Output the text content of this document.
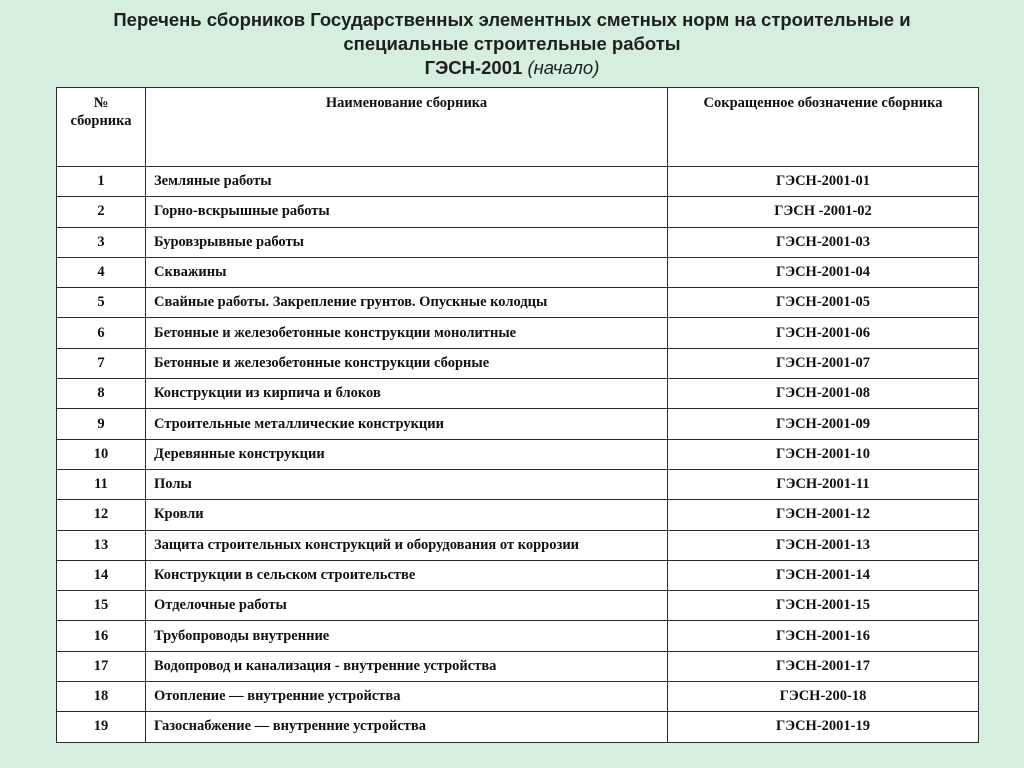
Перечень сборников Государственных элементных сметных норм на строительные и
специальные строительные работы
ГЭСН-2001 (начало)
№ сборника	Наименование сборника	Сокращенное обозначение сборника
1	Земляные работы	ГЭСН-2001-01
2	Горно-вскрышные работы	ГЭСН -2001-02
3	Буровзрывные работы	ГЭСН-2001-03
4	Скважины	ГЭСН-2001-04
5	Свайные работы. Закрепление грунтов. Опускные колодцы	ГЭСН-2001-05
6	Бетонные и железобетонные конструкции монолитные	ГЭСН-2001-06
7	Бетонные и железобетонные конструкции сборные	ГЭСН-2001-07
8	Конструкции из кирпича и блоков	ГЭСН-2001-08
9	Строительные металлические конструкции	ГЭСН-2001-09
10	Деревянные конструкции	ГЭСН-2001-10
11	Полы	ГЭСН-2001-11
12	Кровли	ГЭСН-2001-12
13	Защита строительных конструкций и оборудования от коррозии	ГЭСН-2001-13
14	Конструкции в сельском строительстве	ГЭСН-2001-14
15	Отделочные работы	ГЭСН-2001-15
16	Трубопроводы внутренние	ГЭСН-2001-16
17	Водопровод и канализация - внутренние устройства	ГЭСН-2001-17
18	Отопление — внутренние устройства	ГЭСН-200-18
19	Газоснабжение — внутренние устройства	ГЭСН-2001-19
